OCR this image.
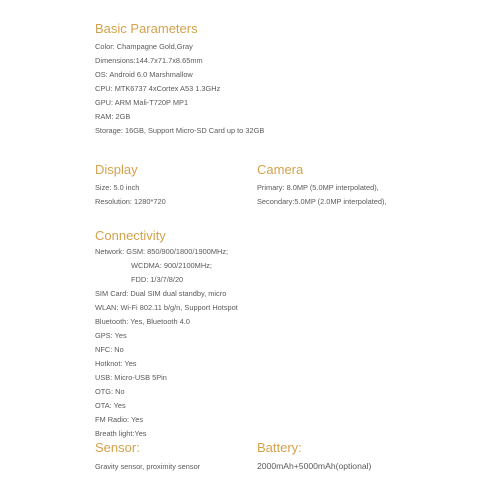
Basic Parameters
Color: Champagne Gold,Gray
Dimensions:144.7x71.7x8.65mm
OS: Android 6.0 Marshmallow
CPU: MTK6737 4xCortex A53 1.3GHz
GPU: ARM Mali-T720P MP1
RAM: 2GB
Storage: 16GB, Support Micro-SD Card up to 32GB
Display
Size: 5.0 inch
Resolution: 1280*720
Camera
Primary: 8.0MP (5.0MP interpolated),
Secondary:5.0MP (2.0MP interpolated),
Connectivity
Network: GSM: 850/900/1800/1900MHz;
WCDMA: 900/2100MHz;
FDD: 1/3/7/8/20
SIM Card: Dual SIM dual standby, micro
WLAN: Wi-Fi 802.11 b/g/n, Support Hotspot
Bluetooth: Yes, Bluetooth 4.0
GPS: Yes
NFC: No
Hotknot: Yes
USB: Micro-USB 5Pin
OTG: No
OTA: Yes
FM Radio: Yes
Breath light:Yes
Sensor:
Gravity sensor, proximity sensor
Battery:
2000mAh+5000mAh(optional)
